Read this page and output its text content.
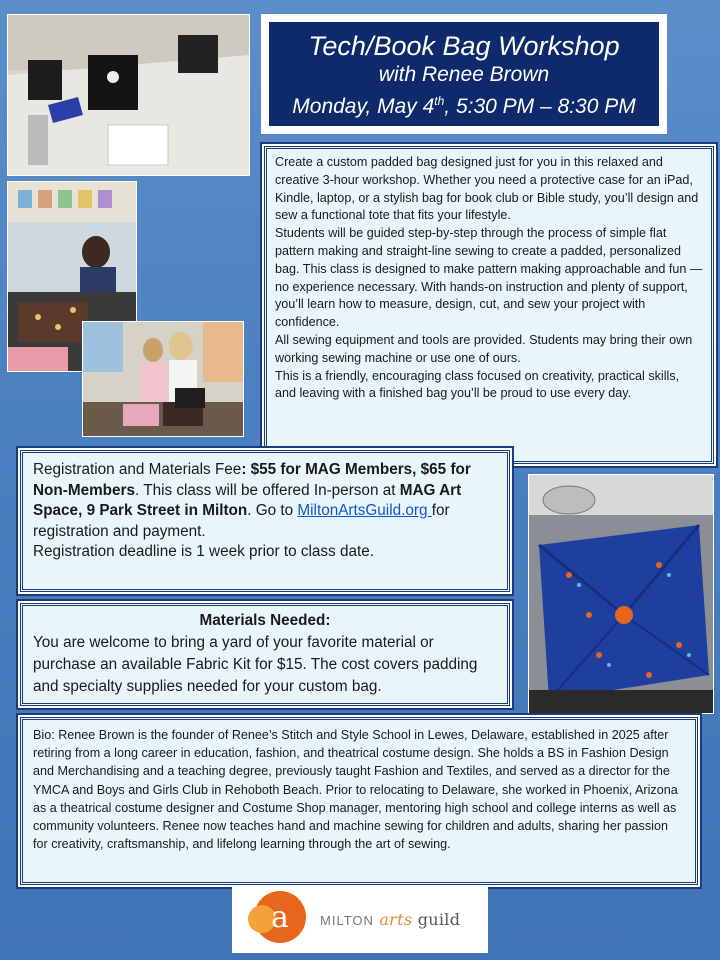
Tech/Book Bag Workshop
with Renee Brown
Monday, May 4th, 5:30 PM – 8:30 PM

Create a custom padded bag designed just for you in this relaxed and creative 3-hour workshop. Whether you need a protective case for an iPad, Kindle, laptop, or a stylish bag for book club or Bible study, you’ll design and sew a functional tote that fits your lifestyle.

Students will be guided step-by-step through the process of simple flat pattern making and straight-line sewing to create a padded, personalized bag. This class is designed to make pattern making approachable and fun — no experience necessary. With hands-on instruction and plenty of support, you’ll learn how to measure, design, cut, and sew your project with confidence.

All sewing equipment and tools are provided. Students may bring their own working sewing machine or use one of ours.

This is a friendly, encouraging class focused on creativity, practical skills, and leaving with a finished bag you’ll be proud to use every day.

Registration and Materials Fee: $55 for MAG Members, $65 for Non-Members. This class will be offered In-person at MAG Art Space, 9 Park Street in Milton. Go to MiltonArtsGuild.org for registration and payment.
Registration deadline is 1 week prior to class date.
Materials Needed:
You are welcome to bring a yard of your favorite material or purchase an available Fabric Kit for $15. The cost covers padding and specialty supplies needed for your custom bag.
Bio: Renee Brown is the founder of Renee’s Stitch and Style School in Lewes, Delaware, established in 2025 after retiring from a long career in education, fashion, and theatrical costume design. She holds a BS in Fashion Design and Merchandising and a teaching degree, previously taught Fashion and Textiles, and served as a director for the YMCA and Boys and Girls Club in Rehoboth Beach. Prior to relocating to Delaware, she worked in Phoenix, Arizona as a theatrical costume designer and Costume Shop manager, mentoring high school and college interns as well as community volunteers. Renee now teaches hand and machine sewing for children and adults, sharing her passion for creativity, craftsmanship, and lifelong learning through the art of sewing.
a MILTON arts guild
